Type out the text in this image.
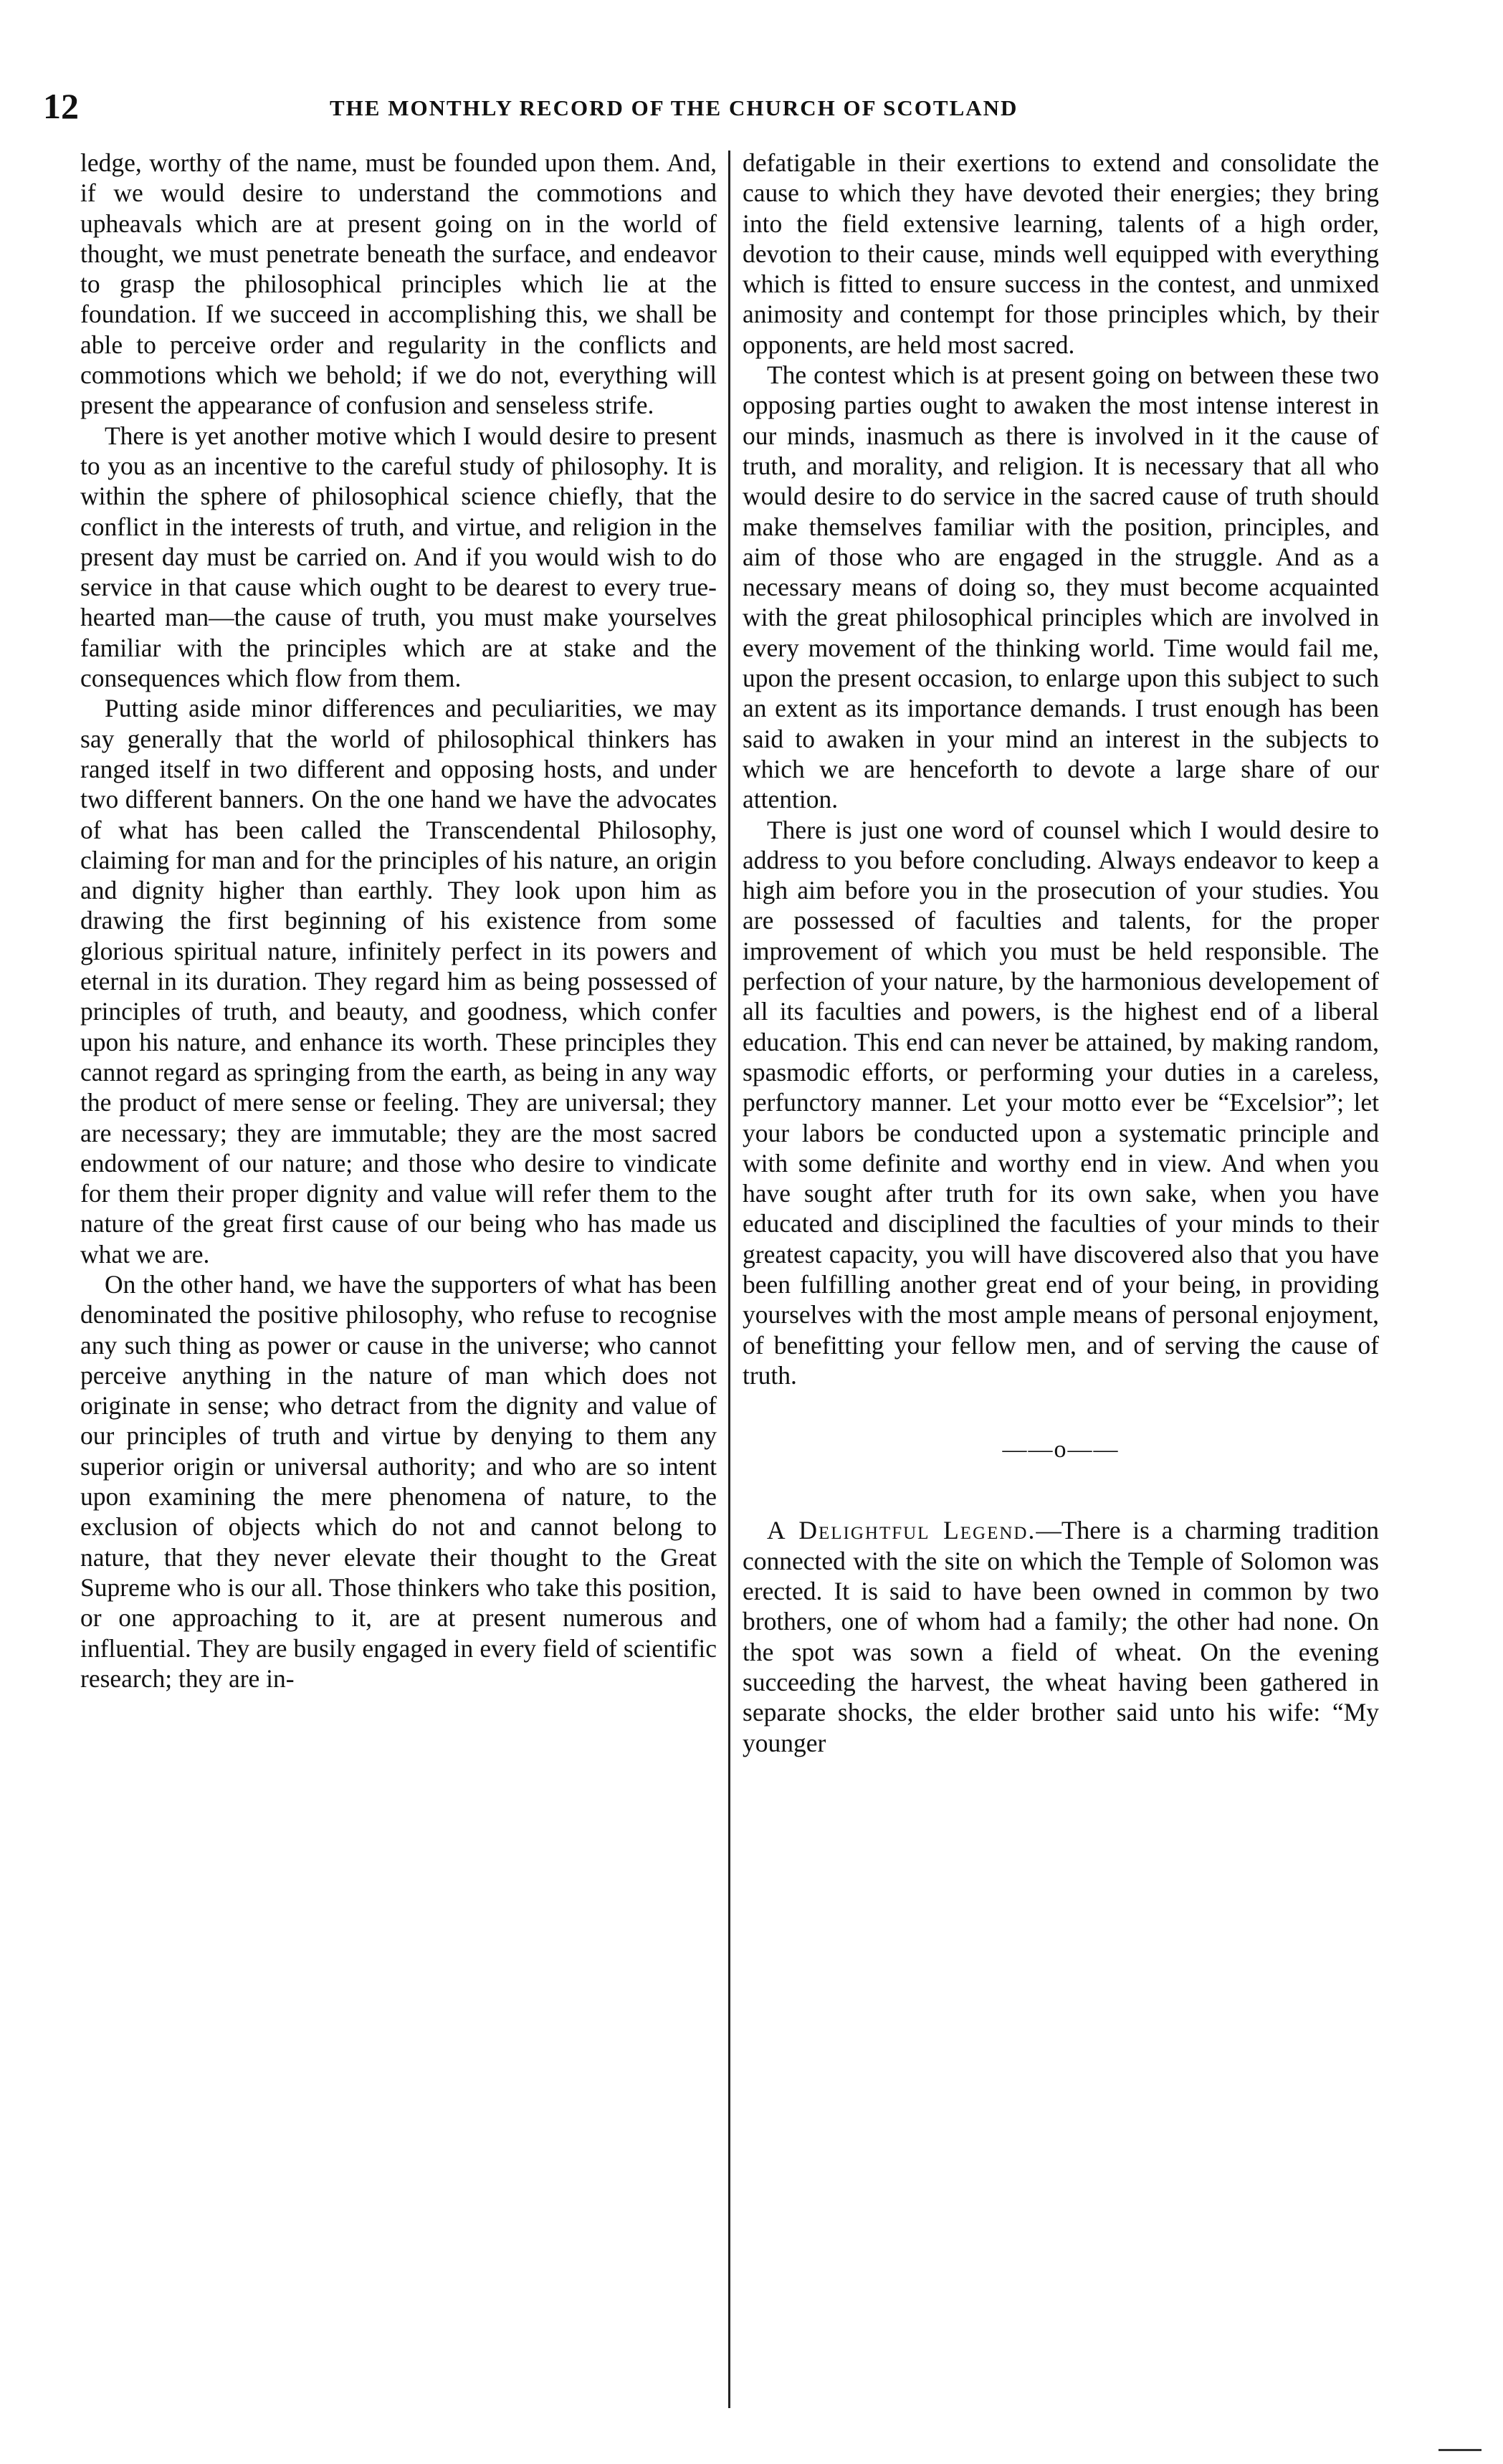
12	THE MONTHLY RECORD OF THE CHURCH OF SCOTLAND

ledge, worthy of the name, must be founded upon them. And, if we would desire to understand the commotions and upheavals which are at present going on in the world of thought, we must penetrate beneath the surface, and endeavor to grasp the philosophical principles which lie at the foundation. If we succeed in accomplishing this, we shall be able to perceive order and regularity in the conflicts and commotions which we behold; if we do not, everything will present the appearance of confusion and senseless strife.

There is yet another motive which I would desire to present to you as an incentive to the careful study of philosophy. It is within the sphere of philosophical science chiefly, that the conflict in the interests of truth, and virtue, and religion in the present day must be carried on. And if you would wish to do service in that cause which ought to be dearest to every true-hearted man—the cause of truth, you must make yourselves familiar with the principles which are at stake and the consequences which flow from them.

Putting aside minor differences and peculiarities, we may say generally that the world of philosophical thinkers has ranged itself in two different and opposing hosts, and under two different banners. On the one hand we have the advocates of what has been called the Transcendental Philosophy, claiming for man and for the principles of his nature, an origin and dignity higher than earthly. They look upon him as drawing the first beginning of his existence from some glorious spiritual nature, infinitely perfect in its powers and eternal in its duration. They regard him as being possessed of principles of truth, and beauty, and goodness, which confer upon his nature, and enhance its worth. These principles they cannot regard as springing from the earth, as being in any way the product of mere sense or feeling. They are universal; they are necessary; they are immutable; they are the most sacred endowment of our nature; and those who desire to vindicate for them their proper dignity and value will refer them to the nature of the great first cause of our being who has made us what we are.

On the other hand, we have the supporters of what has been denominated the positive philosophy, who refuse to recognise any such thing as power or cause in the universe; who cannot perceive anything in the nature of man which does not originate in sense; who detract from the dignity and value of our principles of truth and virtue by denying to them any superior origin or universal authority; and who are so intent upon examining the mere phenomena of nature, to the exclusion of objects which do not and cannot belong to nature, that they never elevate their thought to the Great Supreme who is our all. Those thinkers who take this position, or one approaching to it, are at present numerous and influential. They are busily engaged in every field of scientific research; they are in-

defatigable in their exertions to extend and consolidate the cause to which they have devoted their energies; they bring into the field extensive learning, talents of a high order, devotion to their cause, minds well equipped with everything which is fitted to ensure success in the contest, and unmixed animosity and contempt for those principles which, by their opponents, are held most sacred.

The contest which is at present going on between these two opposing parties ought to awaken the most intense interest in our minds, inasmuch as there is involved in it the cause of truth, and morality, and religion. It is necessary that all who would desire to do service in the sacred cause of truth should make themselves familiar with the position, principles, and aim of those who are engaged in the struggle. And as a necessary means of doing so, they must become acquainted with the great philosophical principles which are involved in every movement of the thinking world. Time would fail me, upon the present occasion, to enlarge upon this subject to such an extent as its importance demands. I trust enough has been said to awaken in your mind an interest in the subjects to which we are henceforth to devote a large share of our attention.

There is just one word of counsel which I would desire to address to you before concluding. Always endeavor to keep a high aim before you in the prosecution of your studies. You are possessed of faculties and talents, for the proper improvement of which you must be held responsible. The perfection of your nature, by the harmonious developement of all its faculties and powers, is the highest end of a liberal education. This end can never be attained, by making random, spasmodic efforts, or performing your duties in a careless, perfunctory manner. Let your motto ever be “Excelsior”; let your labors be conducted upon a systematic principle and with some definite and worthy end in view. And when you have sought after truth for its own sake, when you have educated and disciplined the faculties of your minds to their greatest capacity, you will have discovered also that you have been fulfilling another great end of your being, in providing yourselves with the most ample means of personal enjoyment, of benefitting your fellow men, and of serving the cause of truth.

——o——

A Delightful Legend.—There is a charming tradition connected with the site on which the Temple of Solomon was erected. It is said to have been owned in common by two brothers, one of whom had a family; the other had none. On the spot was sown a field of wheat. On the evening succeeding the harvest, the wheat having been gathered in separate shocks, the elder brother said unto his wife: “My younger
